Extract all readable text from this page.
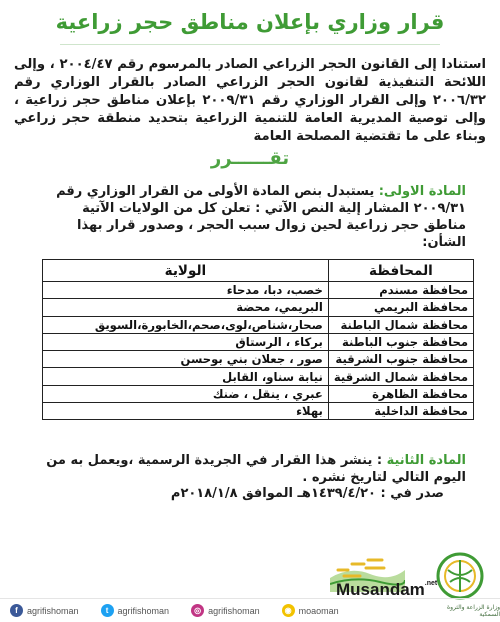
قرار وزاري بإعلان مناطق حجر زراعية

استنادا إلى القانون الحجر الزراعي الصادر بالمرسوم رقم ٢٠٠٤/٤٧ ، وإلى اللائحة التنفيذية لقانون الحجر الزراعي الصادر بالقرار الوزاري رقم ٢٠٠٦/٣٢ وإلى القرار الوزاري رقم ٢٠٠٩/٣١ بإعلان مناطق حجر زراعية ، وإلى توصية المديرية العامة للتنمية الزراعية بتحديد منطقة حجر زراعي وبناء على ما تقتضية المصلحة العامة

تقــــــرر

المادة الاولى: يستبدل بنص المادة الأولى من القرار الوزاري رقم ٢٠٠٩/٣١ المشار إلية النص الآتي : تعلن كل من الولايات الآتية مناطق حجر زراعية لحين زوال سبب الحجر ، وصدور قرار بهذا الشأن:

المحافظة	الولاية
محافظة مسندم	خصب، دبا، مدحاء
محافظة البريمي	البريمي، محضة
محافظة شمال الباطنة	صحار،شناص،لوى،صحم،الخابورة،السويق
محافظة جنوب الباطنة	بركاء ، الرستاق
محافظة جنوب الشرقية	صور ، جعلان بني بوحسن
محافظة شمال الشرقية	نيابة سناو، القابل
محافظة الظاهرة	عبري ، ينقل ، ضنك
محافظة الداخلية	بهلاء

المادة الثانية : ينشر هذا القرار في الجريدة الرسمية ،ويعمل به من اليوم التالي لتاريخ نشره .

صدر في : ١٤٣٩/٤/٢٠هـ الموافق ٢٠١٨/١/٨م
Musandam$^{.net}$
وزارة الزراعة والثروة السمكية
f	agrifishoman	t	agrifishoman	◎ agrifishoman	◉ moaoman
